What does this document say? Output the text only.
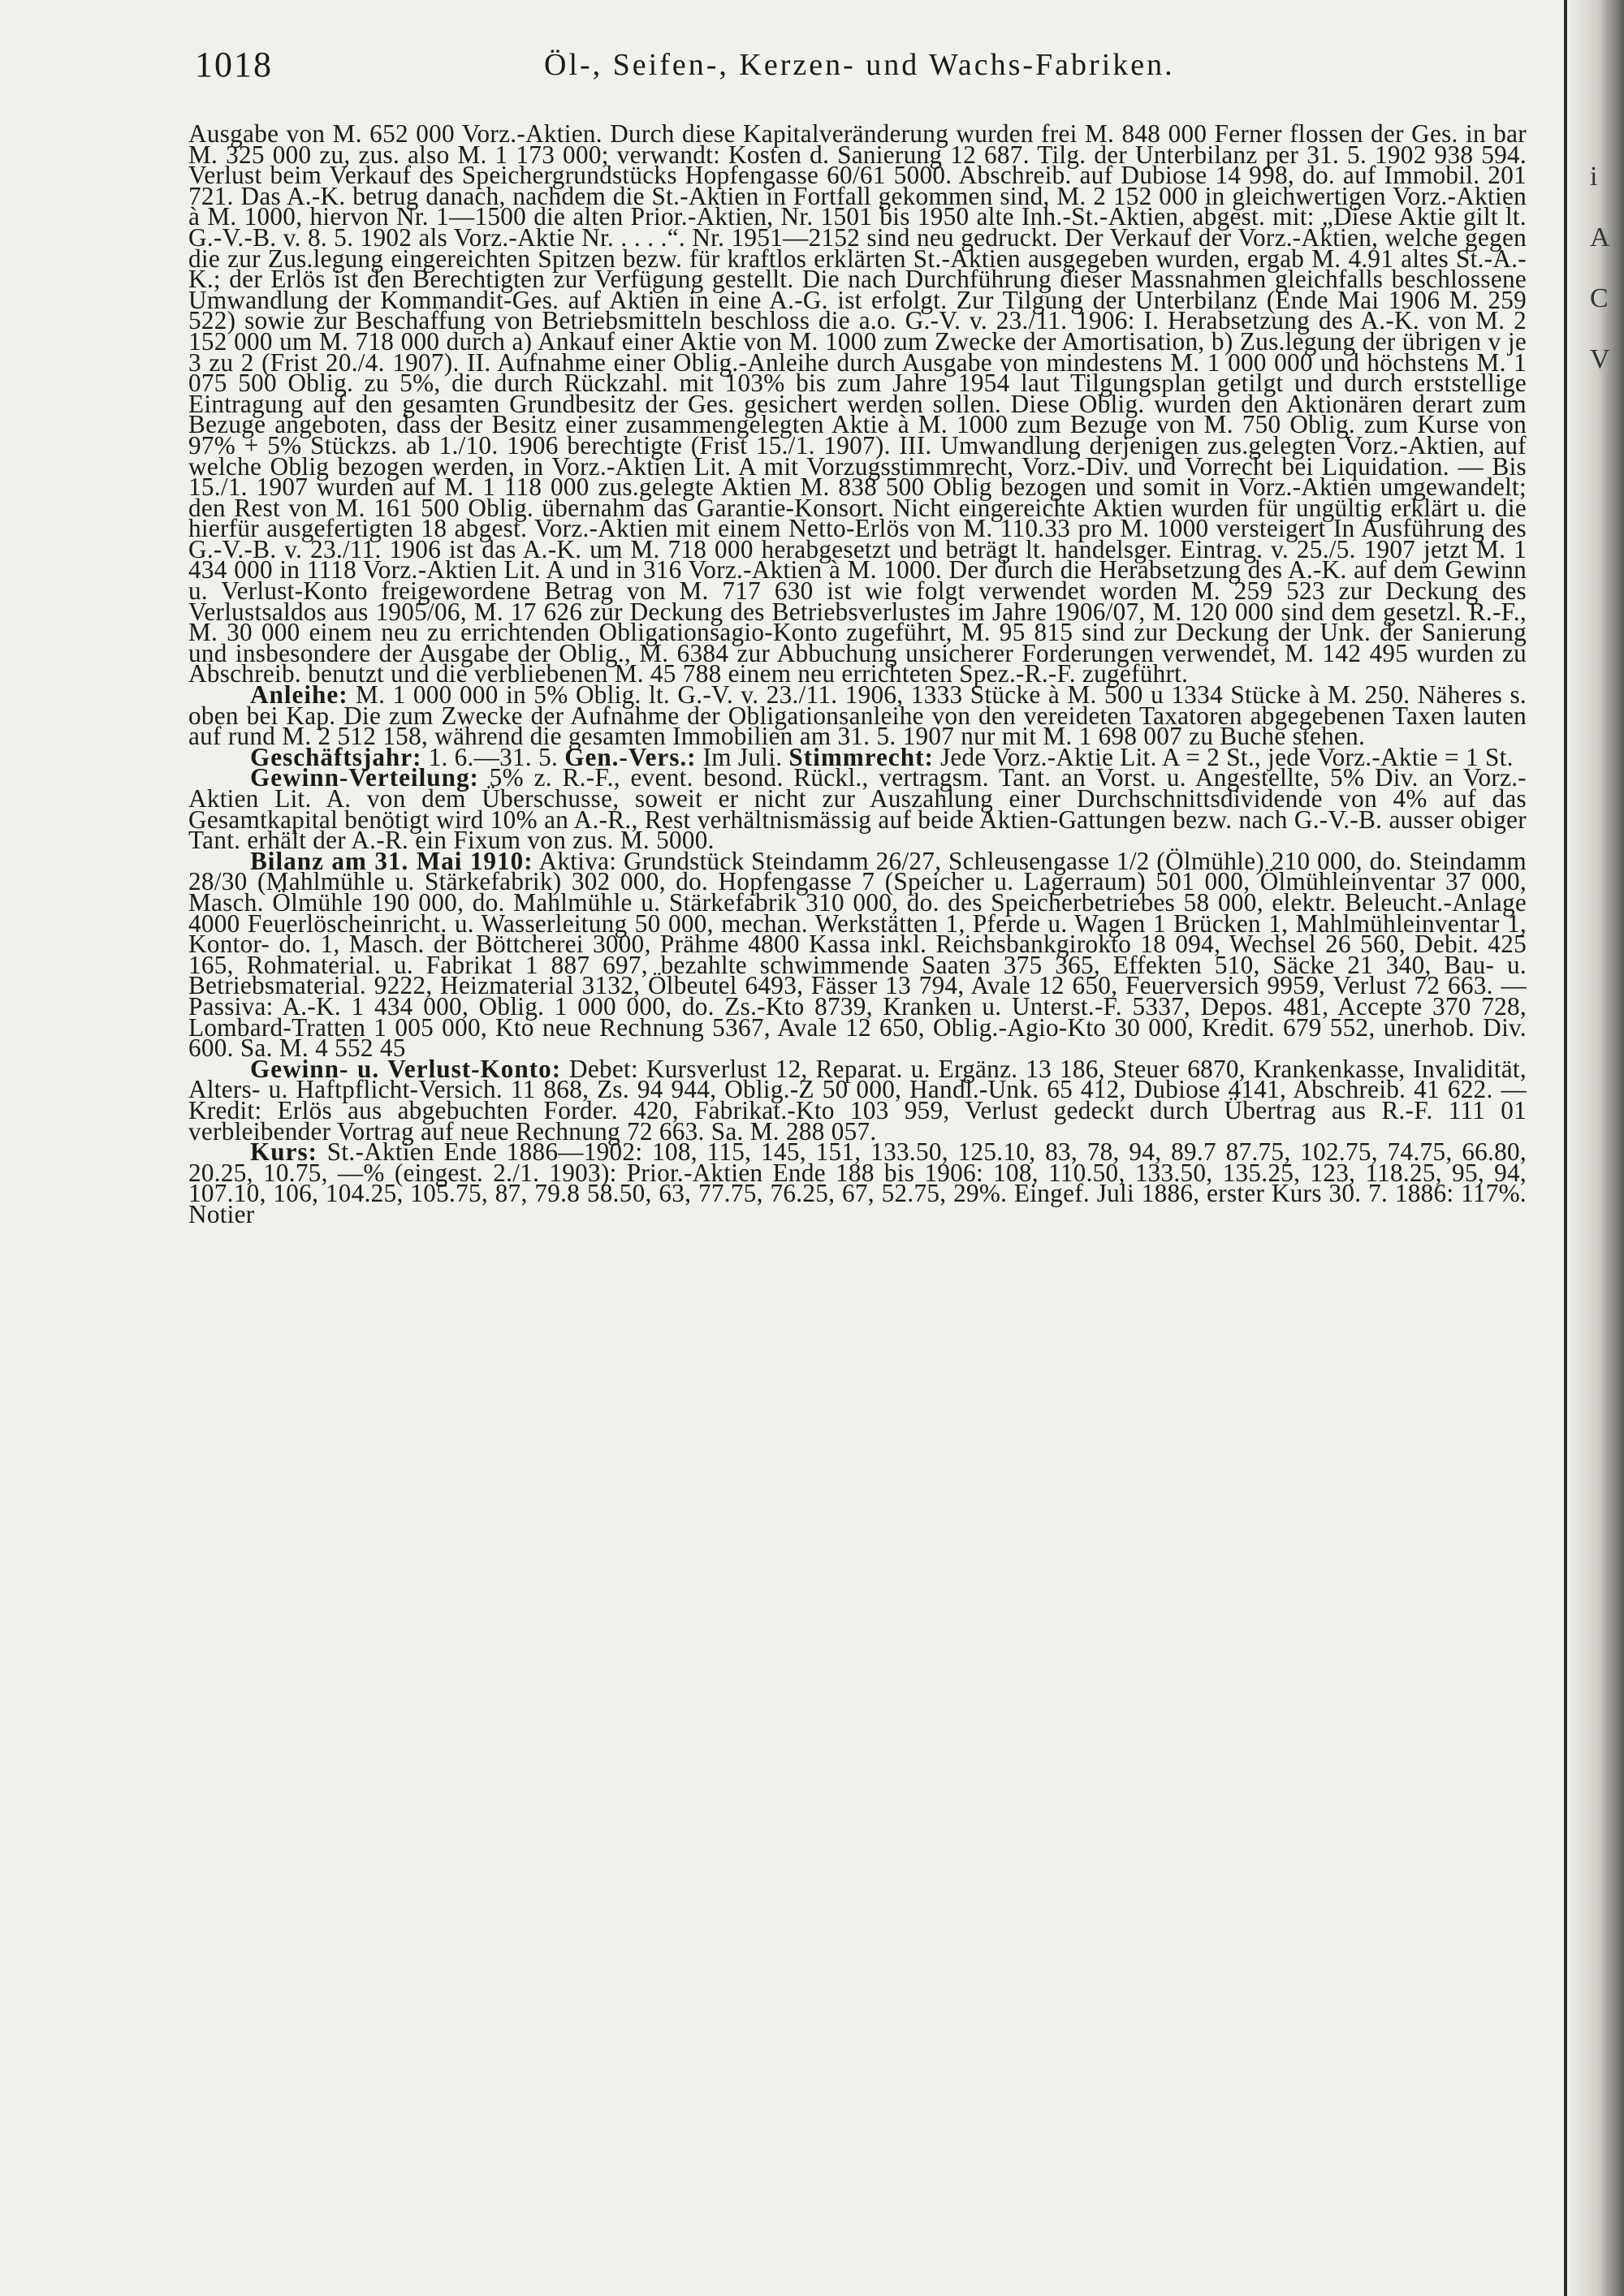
i
A
C
V
1018	Öl-, Seifen-, Kerzen- und Wachs-Fabriken.

Ausgabe von M. 652 000 Vorz.-Aktien. Durch diese Kapitalveränderung wurden frei M. 848 000 Ferner flossen der Ges. in bar M. 325 000 zu, zus. also M. 1 173 000; verwandt: Kosten d. Sanierung 12 687. Tilg. der Unterbilanz per 31. 5. 1902 938 594. Verlust beim Verkauf des Speichergrundstücks Hopfengasse 60/61 5000. Abschreib. auf Dubiose 14 998, do. auf Immobil. 201 721. Das A.-K. betrug danach, nachdem die St.-Aktien in Fortfall gekommen sind, M. 2 152 000 in gleichwertigen Vorz.-Aktien à M. 1000, hiervon Nr. 1—1500 die alten Prior.-Aktien, Nr. 1501 bis 1950 alte Inh.-St.-Aktien, abgest. mit: „Diese Aktie gilt lt. G.-V.-B. v. 8. 5. 1902 als Vorz.-Aktie Nr. . . . .“. Nr. 1951—2152 sind neu gedruckt. Der Verkauf der Vorz.-Aktien, welche gegen die zur Zus.legung eingereichten Spitzen bezw. für kraftlos erklärten St.-Aktien ausgegeben wurden, ergab M. 4.91 altes St.-A.-K.; der Erlös ist den Berechtigten zur Verfügung gestellt. Die nach Durchführung dieser Massnahmen gleichfalls beschlossene Umwandlung der Kommandit-Ges. auf Aktien in eine A.-G. ist erfolgt. Zur Tilgung der Unterbilanz (Ende Mai 1906 M. 259 522) sowie zur Beschaffung von Betriebsmitteln beschloss die a.o. G.-V. v. 23./11. 1906: I. Herabsetzung des A.-K. von M. 2 152 000 um M. 718 000 durch a) Ankauf einer Aktie von M. 1000 zum Zwecke der Amortisation, b) Zus.legung der übrigen v je 3 zu 2 (Frist 20./4. 1907). II. Aufnahme einer Oblig.-Anleihe durch Ausgabe von mindestens M. 1 000 000 und höchstens M. 1 075 500 Oblig. zu 5%, die durch Rückzahl. mit 103% bis zum Jahre 1954 laut Tilgungsplan getilgt und durch erststellige Eintragung auf den gesamten Grundbesitz der Ges. gesichert werden sollen. Diese Oblig. wurden den Aktionären derart zum Bezuge angeboten, dass der Besitz einer zusammengelegten Aktie à M. 1000 zum Bezuge von M. 750 Oblig. zum Kurse von 97% + 5% Stückzs. ab 1./10. 1906 berechtigte (Frist 15./1. 1907). III. Umwandlung derjenigen zus.gelegten Vorz.-Aktien, auf welche Oblig bezogen werden, in Vorz.-Aktien Lit. A mit Vorzugsstimmrecht, Vorz.-Div. und Vorrecht bei Liquidation. — Bis 15./1. 1907 wurden auf M. 1 118 000 zus.gelegte Aktien M. 838 500 Oblig bezogen und somit in Vorz.-Aktien umgewandelt; den Rest von M. 161 500 Oblig. übernahm das Garantie-Konsort. Nicht eingereichte Aktien wurden für ungültig erklärt u. die hierfür ausgefertigten 18 abgest. Vorz.-Aktien mit einem Netto-Erlös von M. 110.33 pro M. 1000 versteigert In Ausführung des G.-V.-B. v. 23./11. 1906 ist das A.-K. um M. 718 000 herabgesetzt und beträgt lt. handelsger. Eintrag. v. 25./5. 1907 jetzt M. 1 434 000 in 1118 Vorz.-Aktien Lit. A und in 316 Vorz.-Aktien à M. 1000. Der durch die Herabsetzung des A.-K. auf dem Gewinn u. Verlust-Konto freigewordene Betrag von M. 717 630 ist wie folgt verwendet worden M. 259 523 zur Deckung des Verlustsaldos aus 1905/06, M. 17 626 zur Deckung des Betriebsverlustes im Jahre 1906/07, M. 120 000 sind dem gesetzl. R.-F., M. 30 000 einem neu zu errichtenden Obligationsagio-Konto zugeführt, M. 95 815 sind zur Deckung der Unk. der Sanierung und insbesondere der Ausgabe der Oblig., M. 6384 zur Abbuchung unsicherer Forderungen verwendet, M. 142 495 wurden zu Abschreib. benutzt und die verbliebenen M. 45 788 einem neu errichteten Spez.-R.-F. zugeführt.

Anleihe: M. 1 000 000 in 5% Oblig. lt. G.-V. v. 23./11. 1906, 1333 Stücke à M. 500 u 1334 Stücke à M. 250. Näheres s. oben bei Kap. Die zum Zwecke der Aufnahme der Obligationsanleihe von den vereideten Taxatoren abgegebenen Taxen lauten auf rund M. 2 512 158, während die gesamten Immobilien am 31. 5. 1907 nur mit M. 1 698 007 zu Buche stehen.

Geschäftsjahr: 1. 6.—31. 5. Gen.-Vers.: Im Juli. Stimmrecht: Jede Vorz.-Aktie Lit. A = 2 St., jede Vorz.-Aktie = 1 St.

Gewinn-Verteilung: 5% z. R.-F., event. besond. Rückl., vertragsm. Tant. an Vorst. u. Angestellte, 5% Div. an Vorz.-Aktien Lit. A. von dem Überschusse, soweit er nicht zur Auszahlung einer Durchschnittsdividende von 4% auf das Gesamtkapital benötigt wird 10% an A.-R., Rest verhältnismässig auf beide Aktien-Gattungen bezw. nach G.-V.-B. ausser obiger Tant. erhält der A.-R. ein Fixum von zus. M. 5000.

Bilanz am 31. Mai 1910: Aktiva: Grundstück Steindamm 26/27, Schleusengasse 1/2 (Ölmühle) 210 000, do. Steindamm 28/30 (Mahlmühle u. Stärkefabrik) 302 000, do. Hopfengasse 7 (Speicher u. Lagerraum) 501 000, Ölmühleinventar 37 000, Masch. Ölmühle 190 000, do. Mahlmühle u. Stärkefabrik 310 000, do. des Speicherbetriebes 58 000, elektr. Beleucht.-Anlage 4000 Feuerlöscheinricht. u. Wasserleitung 50 000, mechan. Werkstätten 1, Pferde u. Wagen 1 Brücken 1, Mahlmühleinventar 1, Kontor- do. 1, Masch. der Böttcherei 3000, Prähme 4800 Kassa inkl. Reichsbankgirokto 18 094, Wechsel 26 560, Debit. 425 165, Rohmaterial. u. Fabrikat 1 887 697, bezahlte schwimmende Saaten 375 365, Effekten 510, Säcke 21 340, Bau- u. Betriebsmaterial. 9222, Heizmaterial 3132, Ölbeutel 6493, Fässer 13 794, Avale 12 650, Feuerversich 9959, Verlust 72 663. — Passiva: A.-K. 1 434 000, Oblig. 1 000 000, do. Zs.-Kto 8739, Kranken u. Unterst.-F. 5337, Depos. 481, Accepte 370 728, Lombard-Tratten 1 005 000, Kto neue Rechnung 5367, Avale 12 650, Oblig.-Agio-Kto 30 000, Kredit. 679 552, unerhob. Div. 600. Sa. M. 4 552 45

Gewinn- u. Verlust-Konto: Debet: Kursverlust 12, Reparat. u. Ergänz. 13 186, Steuer 6870, Krankenkasse, Invalidität, Alters- u. Haftpflicht-Versich. 11 868, Zs. 94 944, Oblig.-Z 50 000, Handl.-Unk. 65 412, Dubiose 4141, Abschreib. 41 622. — Kredit: Erlös aus abgebuchten Forder. 420, Fabrikat.-Kto 103 959, Verlust gedeckt durch Übertrag aus R.-F. 111 01 verbleibender Vortrag auf neue Rechnung 72 663. Sa. M. 288 057.

Kurs: St.-Aktien Ende 1886—1902: 108, 115, 145, 151, 133.50, 125.10, 83, 78, 94, 89.7 87.75, 102.75, 74.75, 66.80, 20.25, 10.75, —% (eingest. 2./1. 1903): Prior.-Aktien Ende 188 bis 1906: 108, 110.50, 133.50, 135.25, 123, 118.25, 95, 94, 107.10, 106, 104.25, 105.75, 87, 79.8 58.50, 63, 77.75, 76.25, 67, 52.75, 29%. Eingef. Juli 1886, erster Kurs 30. 7. 1886: 117%. Notier
